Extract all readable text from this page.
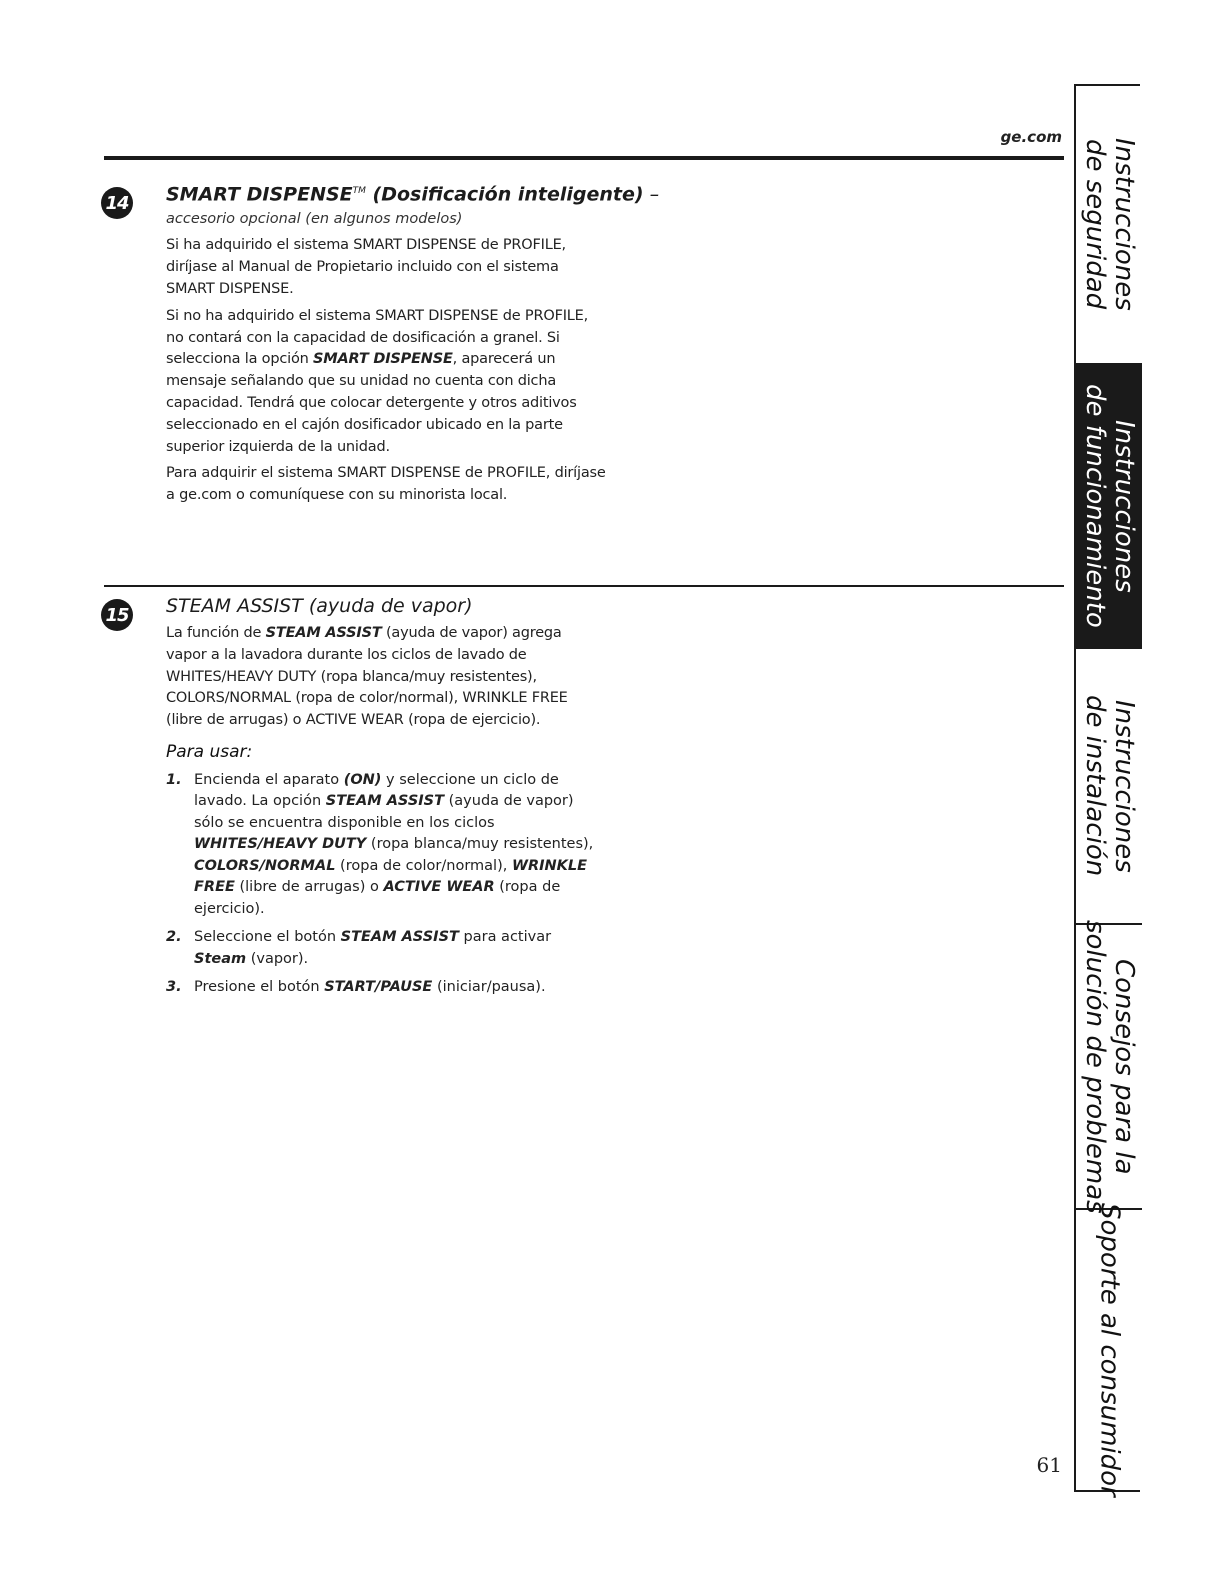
ge.com
14 SMART DISPENSE™ (Dosificación inteligente) –

accesorio opcional (en algunos modelos)

Si ha adquirido el sistema SMART DISPENSE de PROFILE, diríjase al Manual de Propietario incluido con el sistema SMART DISPENSE.

Si no ha adquirido el sistema SMART DISPENSE de PROFILE, no contará con la capacidad de dosificación a granel. Si selecciona la opción SMART DISPENSE, aparecerá un mensaje señalando que su unidad no cuenta con dicha capacidad. Tendrá que colocar detergente y otros aditivos seleccionado en el cajón dosificador ubicado en la parte superior izquierda de la unidad.

Para adquirir el sistema SMART DISPENSE de PROFILE, diríjase a ge.com o comuníquese con su minorista local.

15 STEAM ASSIST (ayuda de vapor)

La función de STEAM ASSIST (ayuda de vapor) agrega vapor a la lavadora durante los ciclos de lavado de WHITES/HEAVY DUTY (ropa blanca/muy resistentes), COLORS/NORMAL (ropa de color/normal), WRINKLE FREE (libre de arrugas) o ACTIVE WEAR (ropa de ejercicio).

Para usar:
1. Encienda el aparato (ON) y seleccione un ciclo de lavado. La opción STEAM ASSIST (ayuda de vapor) sólo se encuentra disponible en los ciclos WHITES/HEAVY DUTY (ropa blanca/muy resistentes), COLORS/NORMAL (ropa de color/normal), WRINKLE FREE (libre de arrugas) o ACTIVE WEAR (ropa de ejercicio).
2. Seleccione el botón STEAM ASSIST para activar Steam (vapor).
3. Presione el botón START/PAUSE (iniciar/pausa).
61
Instrucciones
de seguridad
Instrucciones
de funcionamiento
Instrucciones
de instalación
Consejos para la
solución de problemas
Soporte al consumidor
